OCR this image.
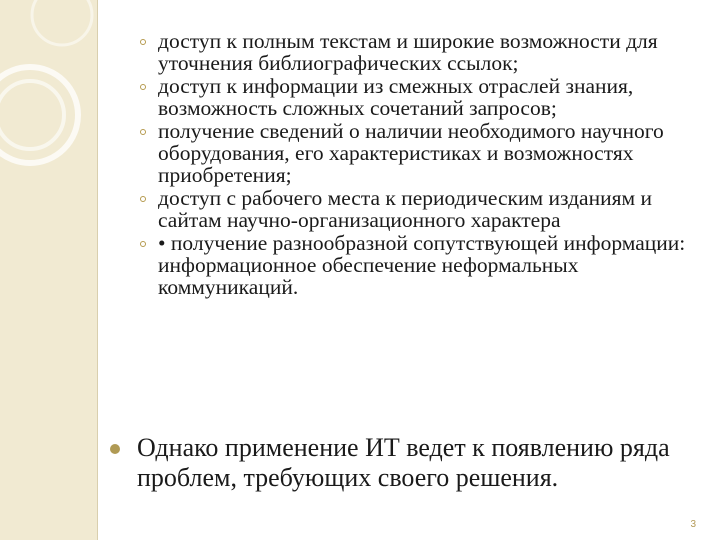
доступ к полным текстам и широкие возможности для уточнения библиографических ссылок;
доступ к информации из смежных отраслей знания, возможность сложных сочетаний запросов;
получение сведений о наличии необходимого научного оборудования, его характеристиках и возможностях приобретения;
доступ с рабочего места к периодическим изданиям и сайтам научно-организационного характера
• получение разнообразной сопутствующей информации: информационное обеспечение неформальных коммуникаций.
Однако применение ИТ ведет к появлению ряда проблем, требующих своего решения.
3
